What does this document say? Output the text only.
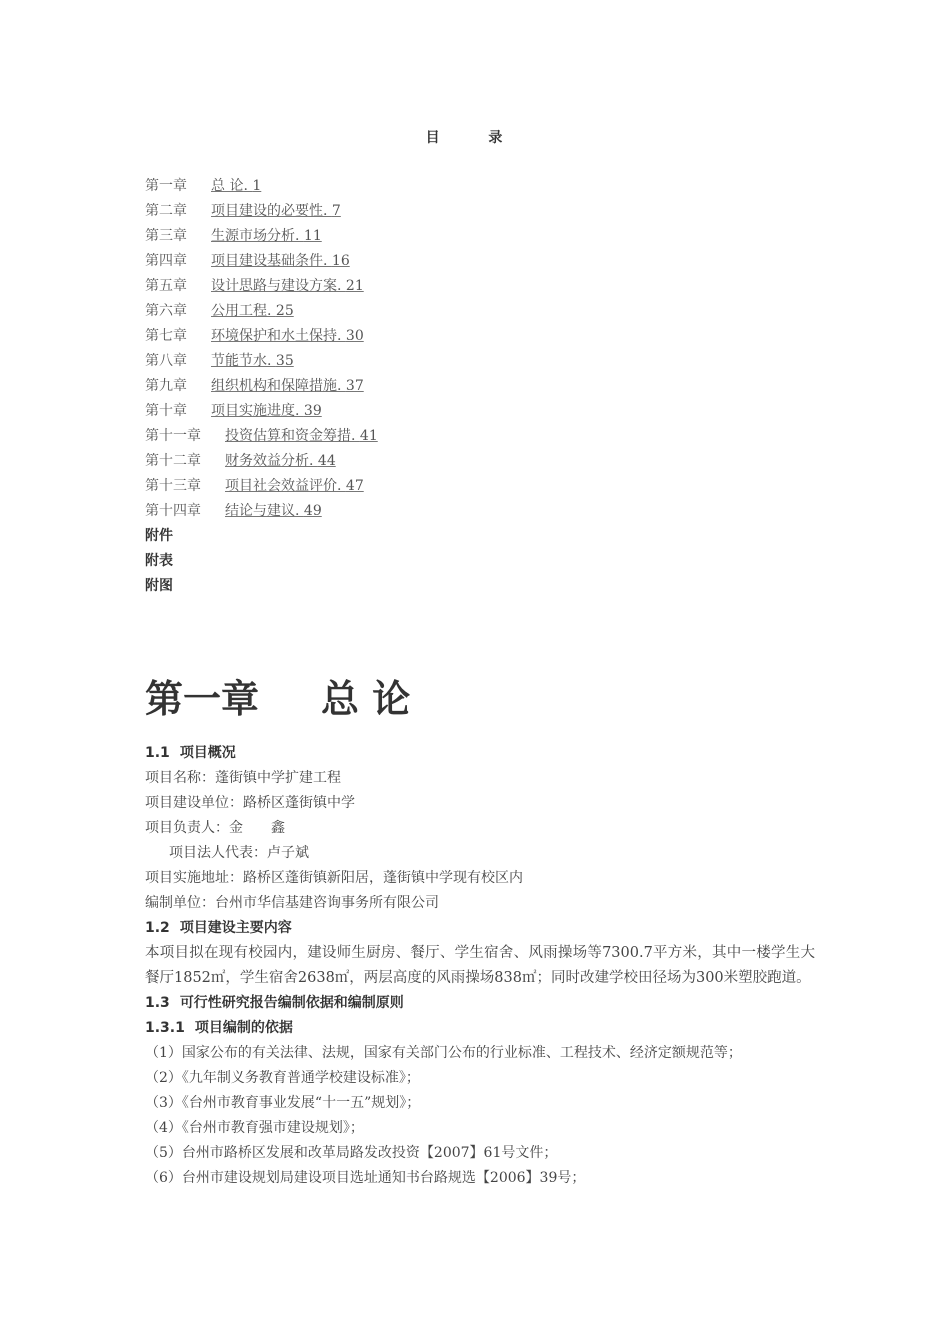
目 录
第一章 总 论. 1
第二章 项目建设的必要性. 7
第三章 生源市场分析. 11
第四章 项目建设基础条件. 16
第五章 设计思路与建设方案. 21
第六章 公用工程. 25
第七章 环境保护和水土保持. 30
第八章 节能节水. 35
第九章 组织机构和保障措施. 37
第十章 项目实施进度. 39
第十一章 投资估算和资金筹措. 41
第十二章 财务效益分析. 44
第十三章 项目社会效益评价. 47
第十四章 结论与建议. 49
附件
附表
附图
第一章 总 论
1.1 项目概况
项目名称：蓬街镇中学扩建工程
项目建设单位：路桥区蓬街镇中学
项目负责人：金　　鑫
项目法人代表：卢子斌
项目实施地址：路桥区蓬街镇新阳居，蓬街镇中学现有校区内
编制单位：台州市华信基建咨询事务所有限公司
1.2 项目建设主要内容
本项目拟在现有校园内，建设师生厨房、餐厅、学生宿舍、风雨操场等7300.7平方米，其中一楼学生大餐厅1852㎡，学生宿舍2638㎡，两层高度的风雨操场838㎡；同时改建学校田径场为300米塑胶跑道。
1.3 可行性研究报告编制依据和编制原则
1.3.1 项目编制的依据
（1）国家公布的有关法律、法规，国家有关部门公布的行业标准、工程技术、经济定额规范等；
（2）《九年制义务教育普通学校建设标准》；
（3）《台州市教育事业发展“十一五”规划》；
（4）《台州市教育强市建设规划》；
（5）台州市路桥区发展和改革局路发改投资【2007】61号文件；
（6）台州市建设规划局建设项目选址通知书台路规选【2006】39号；
